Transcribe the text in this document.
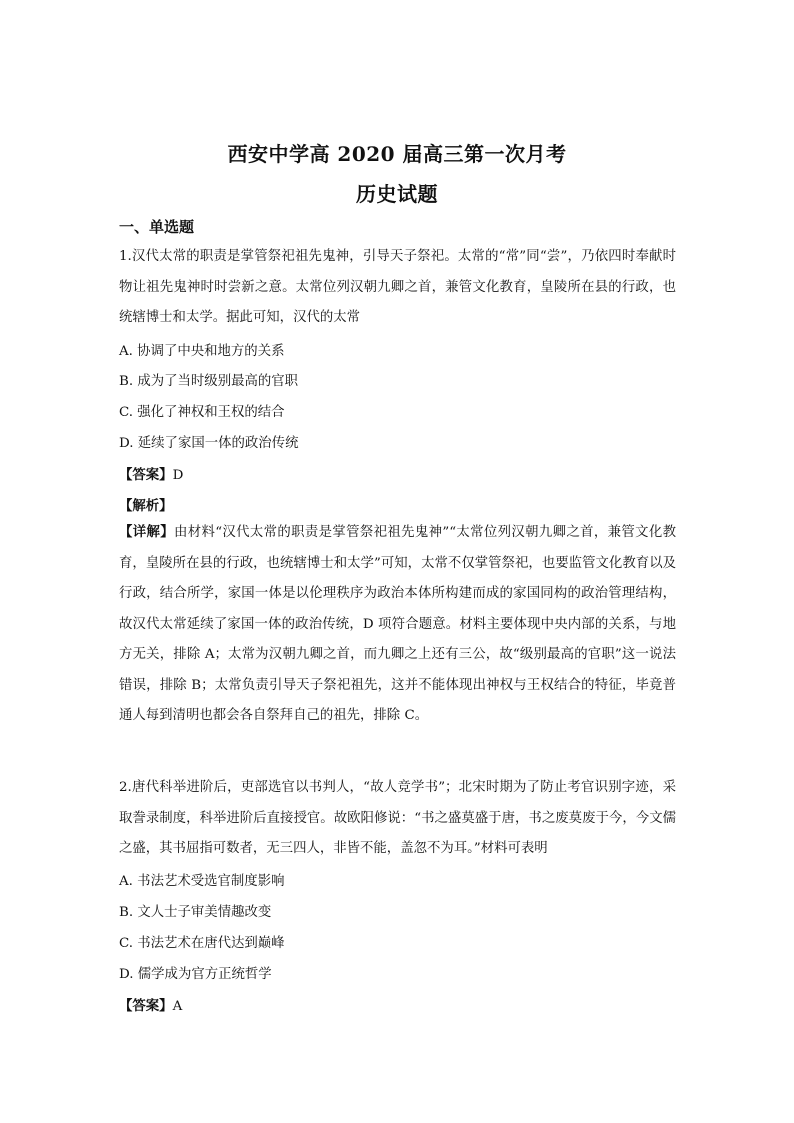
西安中学高 2020 届高三第一次月考
历史试题
一、单选题
1.汉代太常的职责是掌管祭祀祖先鬼神，引导天子祭祀。太常的“常”同“尝”，乃依四时奉献时物让祖先鬼神时时尝新之意。太常位列汉朝九卿之首，兼管文化教育，皇陵所在县的行政，也统辖博士和太学。据此可知，汉代的太常
A. 协调了中央和地方的关系
B. 成为了当时级别最高的官职
C. 强化了神权和王权的结合
D. 延续了家国一体的政治传统
【答案】D
【解析】
【详解】由材料“汉代太常的职责是掌管祭祀祖先鬼神”“太常位列汉朝九卿之首，兼管文化教育，皇陵所在县的行政，也统辖博士和太学”可知，太常不仅掌管祭祀，也要监管文化教育以及行政，结合所学，家国一体是以伦理秩序为政治本体所构建而成的家国同构的政治管理结构，故汉代太常延续了家国一体的政治传统，D 项符合题意。材料主要体现中央内部的关系，与地方无关，排除 A；太常为汉朝九卿之首，而九卿之上还有三公，故“级别最高的官职”这一说法错误，排除 B；太常负责引导天子祭祀祖先，这并不能体现出神权与王权结合的特征，毕竟普通人每到清明也都会各自祭拜自己的祖先，排除 C。
2.唐代科举进阶后，吏部选官以书判人，“故人竞学书”；北宋时期为了防止考官识别字迹，采取誊录制度，科举进阶后直接授官。故欧阳修说：“书之盛莫盛于唐，书之废莫废于今，今文儒之盛，其书屈指可数者，无三四人，非皆不能，盖忽不为耳。”材料可表明
A. 书法艺术受选官制度影响
B. 文人士子审美情趣改变
C. 书法艺术在唐代达到巅峰
D. 儒学成为官方正统哲学
【答案】A
